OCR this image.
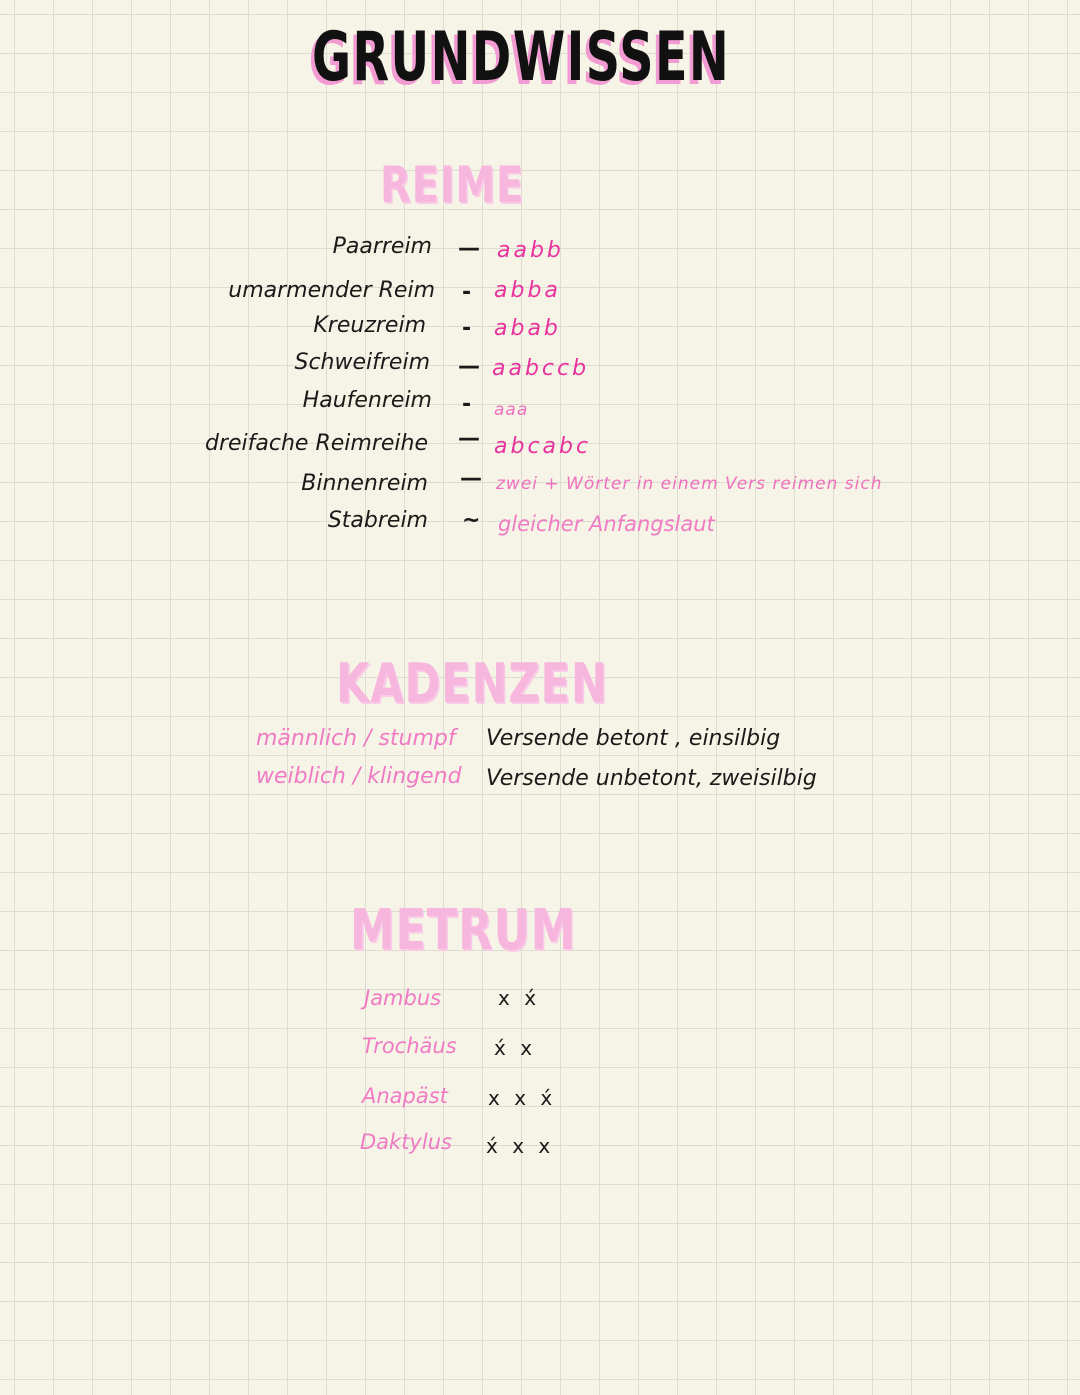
GRUNDWISSEN
REIME
Paarreim — aabb
umarmender Reim - abba
Kreuzreim - abab
Schweifreim — aabccb
Haufenreim - aaa
dreifache Reimreihe — abcabc
Binnenreim — zwei + Wörter in einem Vers reimen sich
Stabreim ~ gleicher Anfangslaut
KADENZEN
männlich / stumpf Versende betont , einsilbig
weiblich / klingend Versende unbetont, zweisilbig
METRUM
Jambus	x x́
Trochäus x́ x
Anapäst x x x́
Daktylus x́ x x
